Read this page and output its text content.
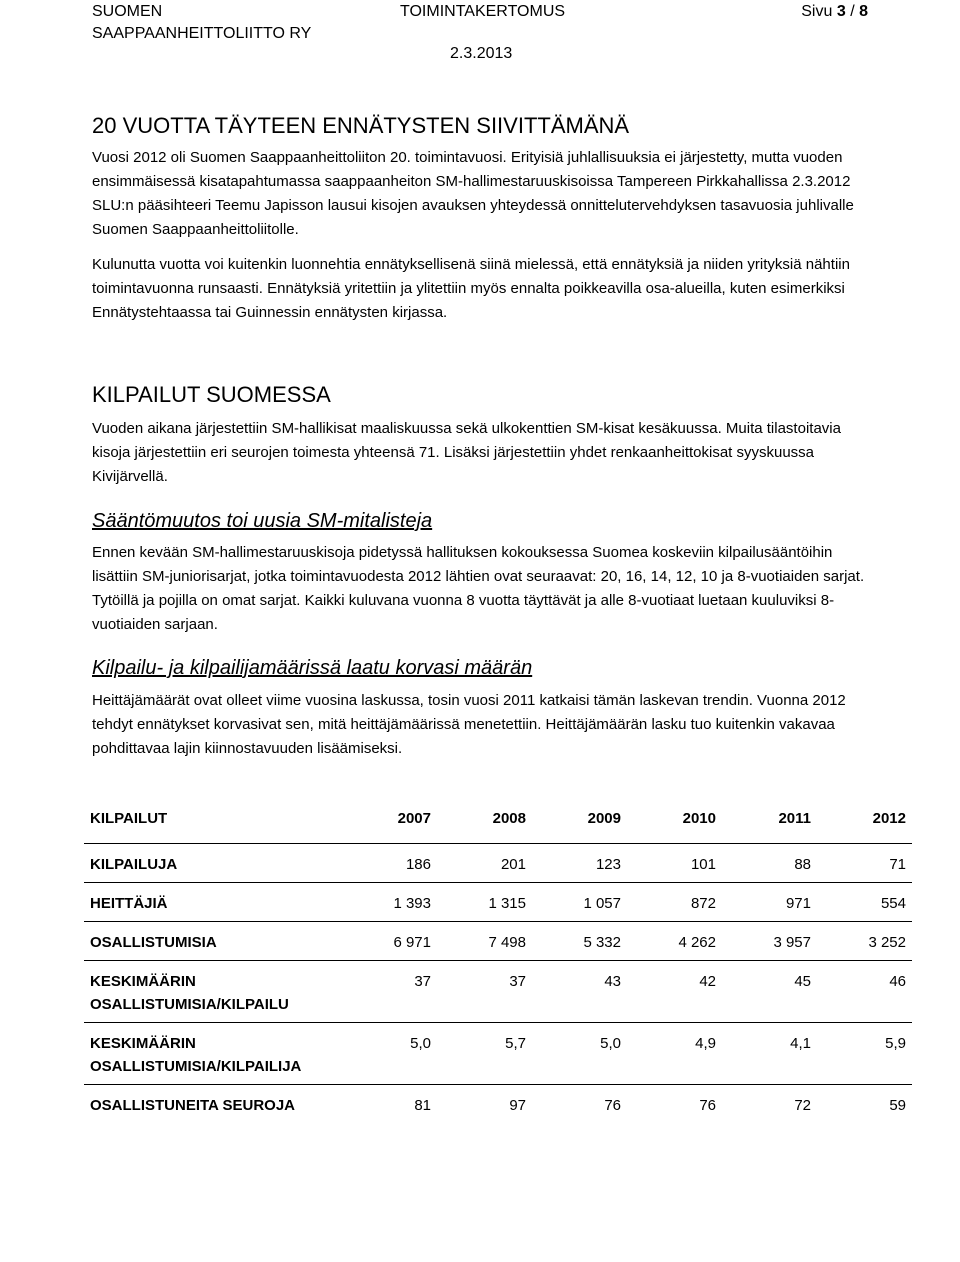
SUOMEN
SAAPPAANHEITTOLIITTO RY
TOIMINTAKERTOMUS
2.3.2013
Sivu 3 / 8
20 VUOTTA TÄYTEEN ENNÄTYSTEN SIIVITTÄMÄNÄ

Vuosi 2012 oli Suomen Saappaanheittoliiton 20. toimintavuosi. Erityisiä juhlallisuuksia ei järjestetty, mutta vuoden ensimmäisessä kisatapahtumassa saappaanheiton SM-hallimestaruuskisoissa Tampereen Pirkkahallissa 2.3.2012 SLU:n pääsihteeri Teemu Japisson lausui kisojen avauksen yhteydessä onnittelutervehdyksen tasavuosia juhlivalle Suomen Saappaanheittoliitolle.

Kulunutta vuotta voi kuitenkin luonnehtia ennätyksellisenä siinä mielessä, että ennätyksiä ja niiden yrityksiä nähtiin toimintavuonna runsaasti. Ennätyksiä yritettiin ja ylitettiin myös ennalta poikkeavilla osa-alueilla, kuten esimerkiksi Ennätystehtaassa tai Guinnessin ennätysten kirjassa.

KILPAILUT SUOMESSA

Vuoden aikana järjestettiin SM-hallikisat maaliskuussa sekä ulkokenttien SM-kisat kesäkuussa. Muita tilastoitavia kisoja järjestettiin eri seurojen toimesta yhteensä 71. Lisäksi järjestettiin yhdet renkaanheittokisat syyskuussa Kivijärvellä.

Sääntömuutos toi uusia SM-mitalisteja

Ennen kevään SM-hallimestaruuskisoja pidetyssä hallituksen kokouksessa Suomea koskeviin kilpailusääntöihin lisättiin SM-juniorisarjat, jotka toimintavuodesta 2012 lähtien ovat seuraavat: 20, 16, 14, 12, 10 ja 8-vuotiaiden sarjat. Tytöillä ja pojilla on omat sarjat. Kaikki kuluvana vuonna 8 vuotta täyttävät ja alle 8-vuotiaat luetaan kuuluviksi 8-vuotiaiden sarjaan.

Kilpailu- ja kilpailijamäärissä laatu korvasi määrän

Heittäjämäärät ovat olleet viime vuosina laskussa, tosin vuosi 2011 katkaisi tämän laskevan trendin. Vuonna 2012 tehdyt ennätykset korvasivat sen, mitä heittäjämäärissä menetettiin. Heittäjämäärän lasku tuo kuitenkin vakavaa pohdittavaa lajin kiinnostavuuden lisäämiseksi.

KILPAILUT	2007	2008	2009	2010	2011	2012
KILPAILUJA	186	201	123	101	88	71
HEITTÄJIÄ	1 393	1 315	1 057	872	971	554
OSALLISTUMISIA	6 971	7 498	5 332	4 262	3 957	3 252
KESKIMÄÄRIN OSALLISTUMISIA/KILPAILU	37	37	43	42	45	46
KESKIMÄÄRIN OSALLISTUMISIA/KILPAILIJA	5,0	5,7	5,0	4,9	4,1	5,9
OSALLISTUNEITA SEUROJA	81	97	76	76	72	59
